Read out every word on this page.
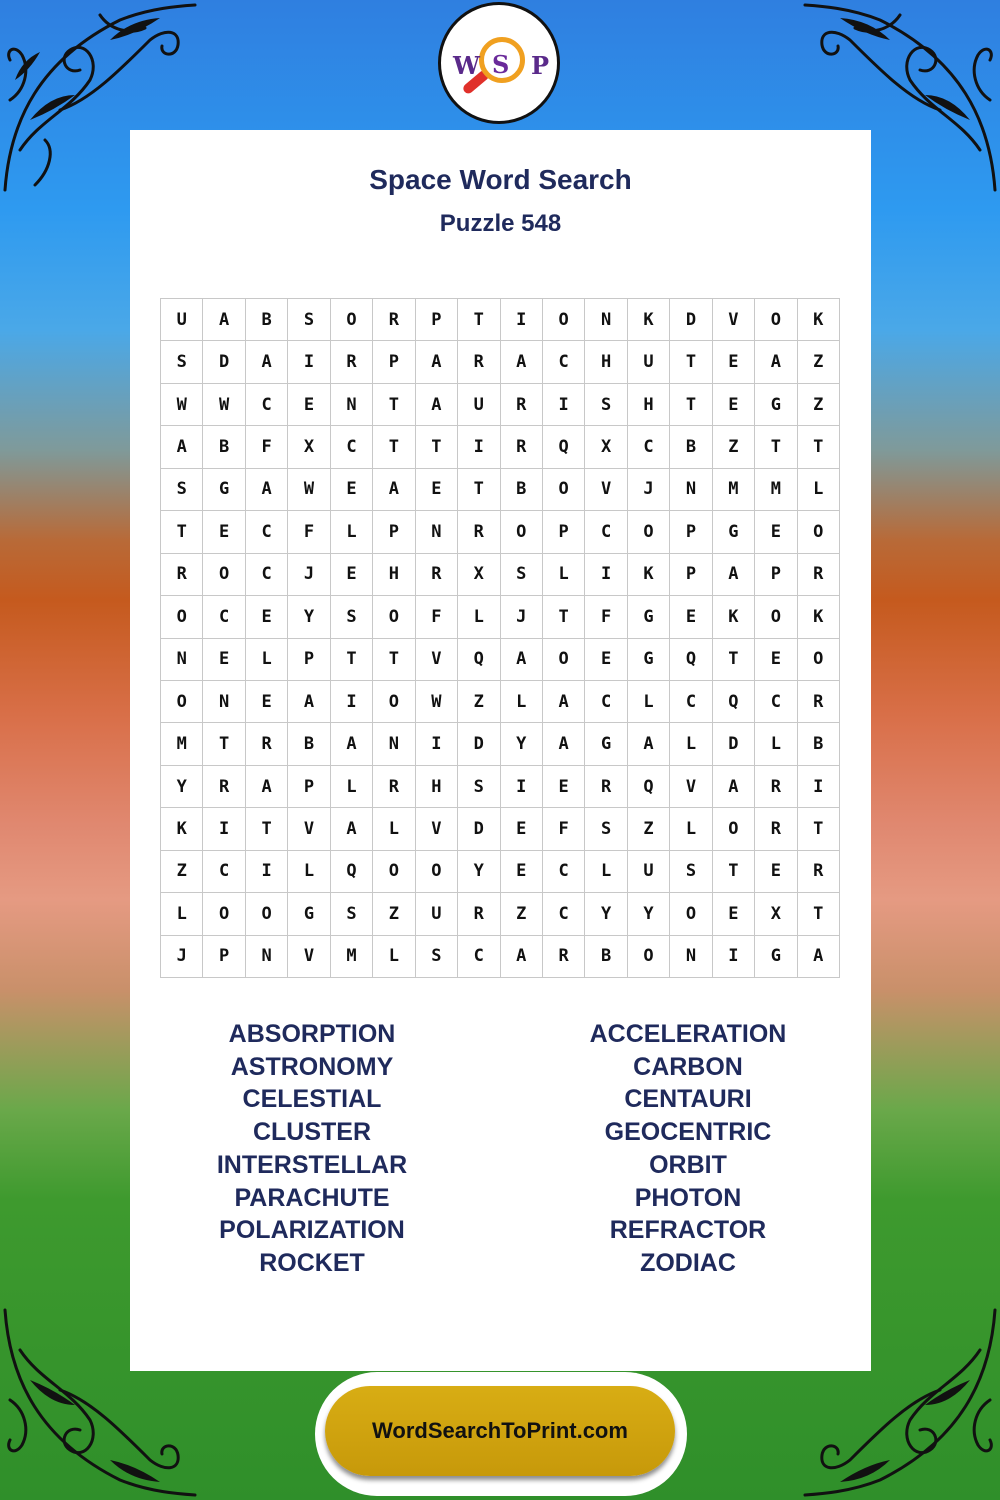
W S P
Space Word Search
Puzzle 548
U	A	B	S	O	R	P	T	I	O	N	K	D	V	O	K
S	D	A	I	R	P	A	R	A	C	H	U	T	E	A	Z
W	W	C	E	N	T	A	U	R	I	S	H	T	E	G	Z
A	B	F	X	C	T	T	I	R	Q	X	C	B	Z	T	T
S	G	A	W	E	A	E	T	B	O	V	J	N	M	M	L
T	E	C	F	L	P	N	R	O	P	C	O	P	G	E	O
R	O	C	J	E	H	R	X	S	L	I	K	P	A	P	R
O	C	E	Y	S	O	F	L	J	T	F	G	E	K	O	K
N	E	L	P	T	T	V	Q	A	O	E	G	Q	T	E	O
O	N	E	A	I	O	W	Z	L	A	C	L	C	Q	C	R
M	T	R	B	A	N	I	D	Y	A	G	A	L	D	L	B
Y	R	A	P	L	R	H	S	I	E	R	Q	V	A	R	I
K	I	T	V	A	L	V	D	E	F	S	Z	L	O	R	T
Z	C	I	L	Q	O	O	Y	E	C	L	U	S	T	E	R
L	O	O	G	S	Z	U	R	Z	C	Y	Y	O	E	X	T
J	P	N	V	M	L	S	C	A	R	B	O	N	I	G	A
ABSORPTION
ASTRONOMY
CELESTIAL
CLUSTER
INTERSTELLAR
PARACHUTE
POLARIZATION
ROCKET
ACCELERATION
CARBON
CENTAURI
GEOCENTRIC
ORBIT
PHOTON
REFRACTOR
ZODIAC
WordSearchToPrint.com
